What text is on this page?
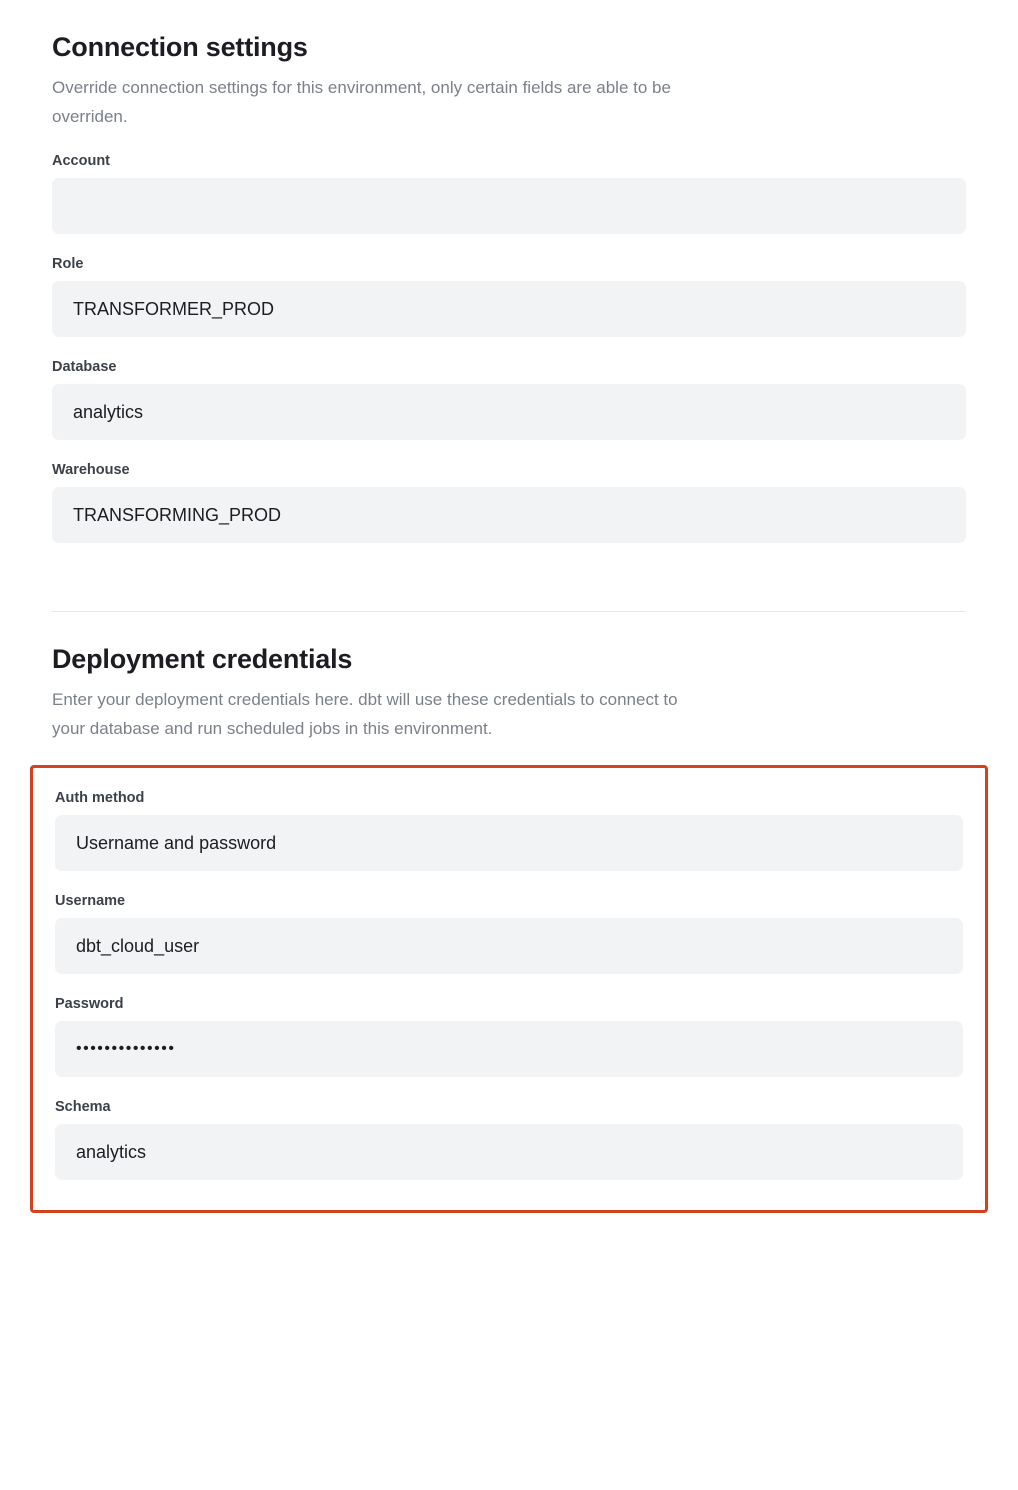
Connection settings

Override connection settings for this environment, only certain fields are able to be overriden.

Account
Role
TRANSFORMER_PROD
Database
analytics
Warehouse
TRANSFORMING_PROD
Deployment credentials

Enter your deployment credentials here. dbt will use these credentials to connect to your database and run scheduled jobs in this environment.

Auth method
Username and password
Username
dbt_cloud_user
Password
••••••••••••••
Schema
analytics
